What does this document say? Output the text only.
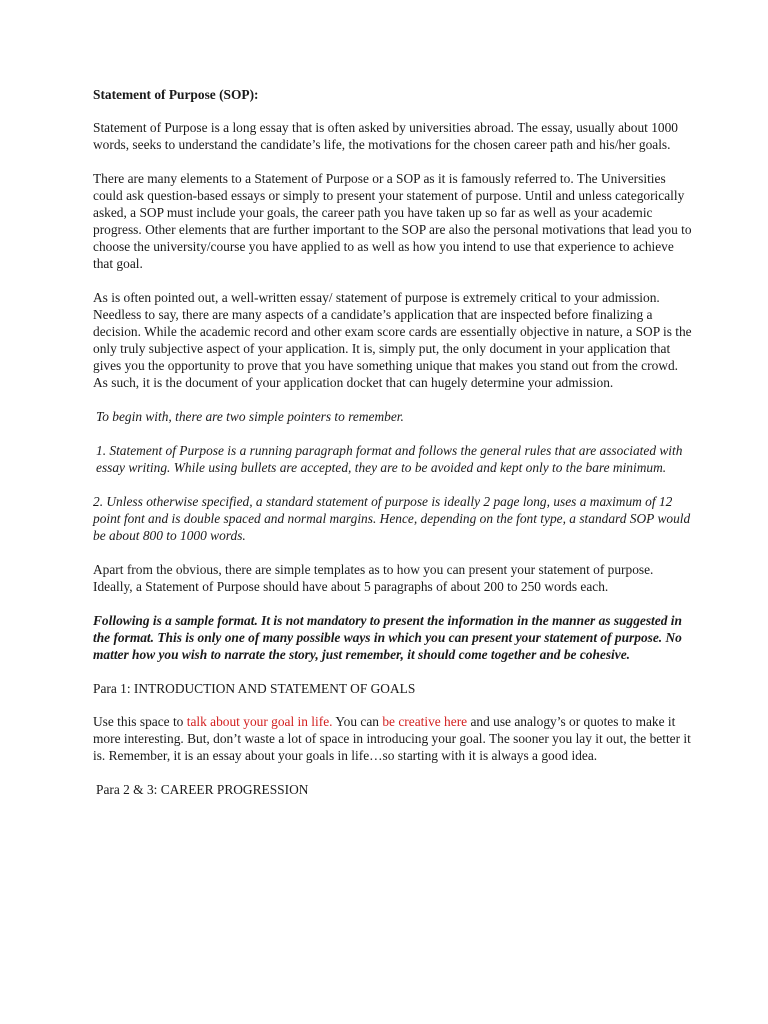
Statement of Purpose (SOP):

Statement of Purpose is a long essay that is often asked by universities abroad. The essay, usually about 1000 words, seeks to understand the candidate’s life, the motivations for the chosen career path and his/her goals.

There are many elements to a Statement of Purpose or a SOP as it is famously referred to. The Universities could ask question-based essays or simply to present your statement of purpose. Until and unless categorically asked, a SOP must include your goals, the career path you have taken up so far as well as your academic progress. Other elements that are further important to the SOP are also the personal motivations that lead you to choose the university/course you have applied to as well as how you intend to use that experience to achieve that goal.

As is often pointed out, a well-written essay/ statement of purpose is extremely critical to your admission. Needless to say, there are many aspects of a candidate’s application that are inspected before finalizing a decision. While the academic record and other exam score cards are essentially objective in nature, a SOP is the only truly subjective aspect of your application. It is, simply put, the only document in your application that gives you the opportunity to prove that you have something unique that makes you stand out from the crowd. As such, it is the document of your application docket that can hugely determine your admission.

To begin with, there are two simple pointers to remember.

1. Statement of Purpose is a running paragraph format and follows the general rules that are associated with essay writing. While using bullets are accepted, they are to be avoided and kept only to the bare minimum.

2. Unless otherwise specified, a standard statement of purpose is ideally 2 page long, uses a maximum of 12 point font and is double spaced and normal margins. Hence, depending on the font type, a standard SOP would be about 800 to 1000 words.

Apart from the obvious, there are simple templates as to how you can present your statement of purpose. Ideally, a Statement of Purpose should have about 5 paragraphs of about 200 to 250 words each.

Following is a sample format. It is not mandatory to present the information in the manner as suggested in the format. This is only one of many possible ways in which you can present your statement of purpose. No matter how you wish to narrate the story, just remember, it should come together and be cohesive.

Para 1: INTRODUCTION AND STATEMENT OF GOALS

Use this space to talk about your goal in life. You can be creative here and use analogy’s or quotes to make it more interesting. But, don’t waste a lot of space in introducing your goal. The sooner you lay it out, the better it is. Remember, it is an essay about your goals in life…so starting with it is always a good idea.

Para 2 & 3: CAREER PROGRESSION
